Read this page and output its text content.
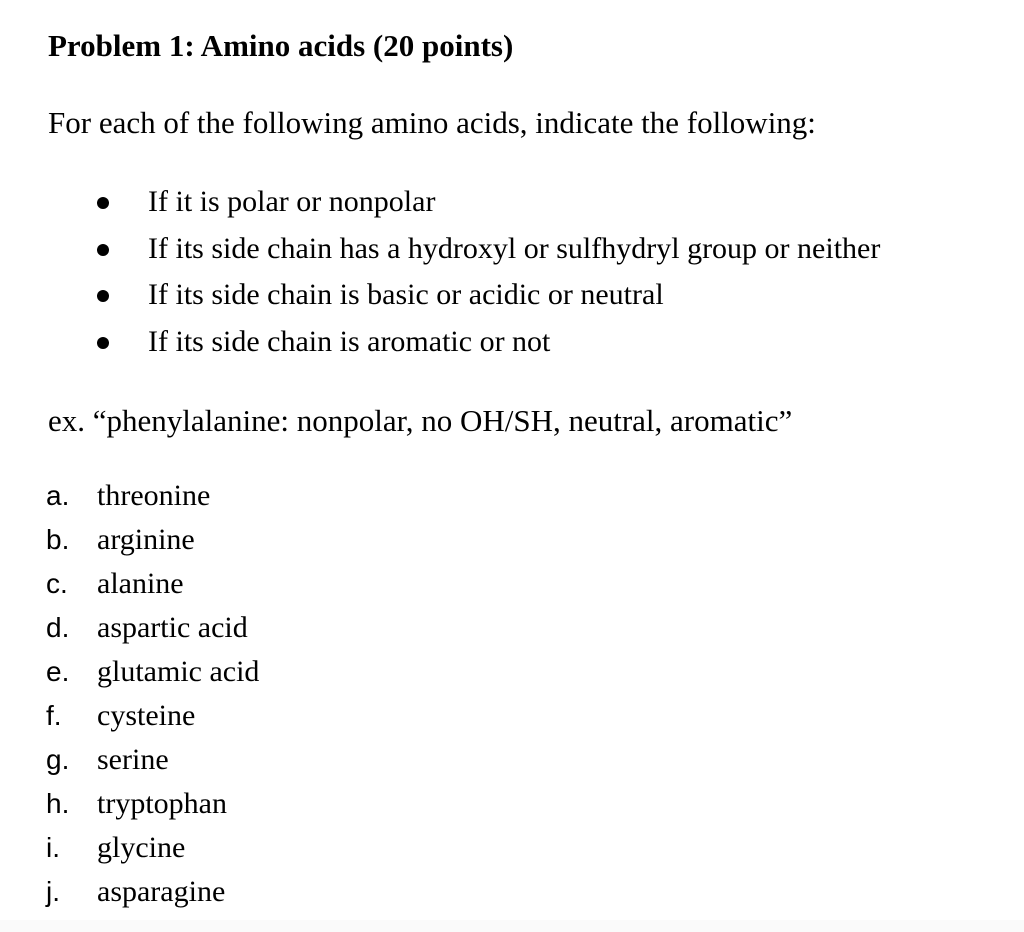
Problem 1: Amino acids (20 points)
For each of the following amino acids, indicate the following:
If it is polar or nonpolar
If its side chain has a hydroxyl or sulfhydryl group or neither
If its side chain is basic or acidic or neutral
If its side chain is aromatic or not
ex. “phenylalanine: nonpolar, no OH/SH, neutral, aromatic”
a. threonine
b. arginine
c. alanine
d. aspartic acid
e. glutamic acid
f. cysteine
g. serine
h. tryptophan
i. glycine
j. asparagine
